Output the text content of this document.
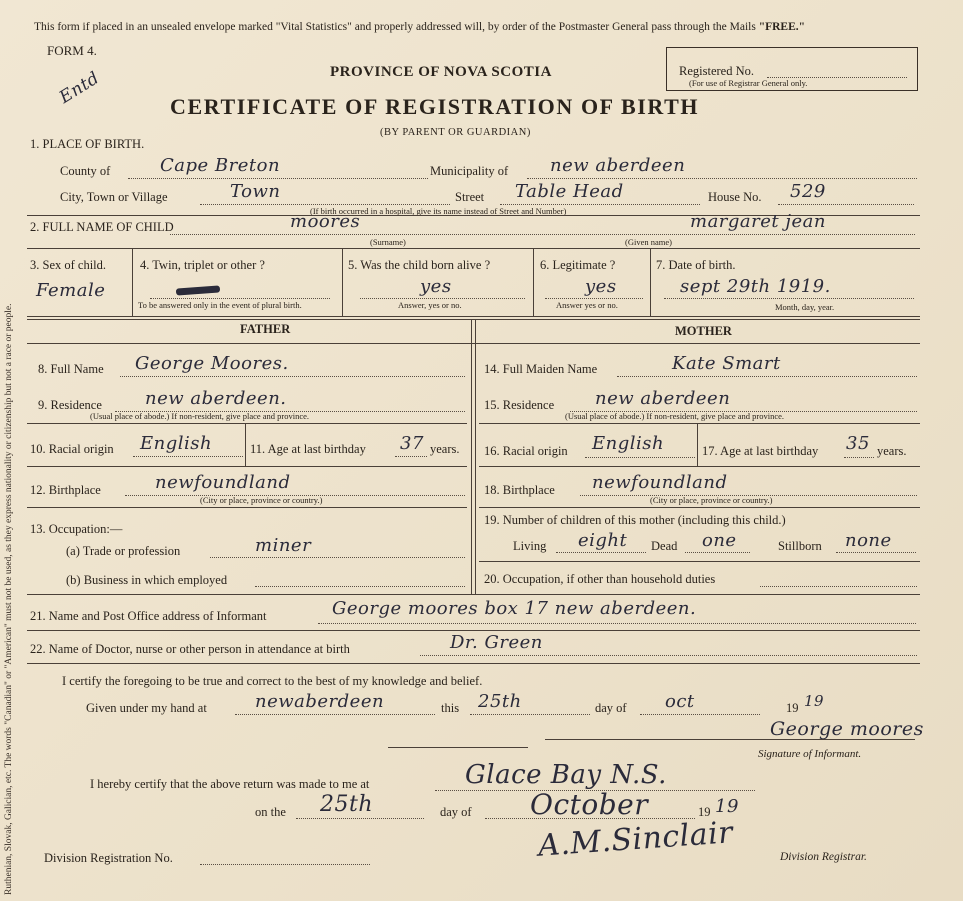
Ruthenian, Slovak, Galician, etc. The words "Canadian" or "American" must not be used, as they express nationality or citizenship but not a race or people.
This form if placed in an unsealed envelope marked "Vital Statistics" and properly addressed will, by order of the Postmaster General pass through the Mails "FREE."
FORM 4.
PROVINCE OF NOVA SCOTIA
CERTIFICATE OF REGISTRATION OF BIRTH
(BY PARENT OR GUARDIAN)
Entd	Registered No.
(For use of Registrar General only.
1. PLACE OF BIRTH.
County of	Cape Breton	Municipality of new aberdeen
City, Town or Village	Town	Street Table Head	House No. 529
(If birth occurred in a hospital, give its name instead of Street and Number)
2. FULL NAME OF CHILD	moores	margaret jean
(Surname)	(Given name)
3. Sex of child.
Female
4. Twin, triplet or other ?
To be answered only in the event of plural birth.
5. Was the child born alive ?
yes
Answer, yes or no.
6. Legitimate ?
yes
Answer yes or no.
7. Date of birth.
sept 29th 1919.
Month, day, year.
FATHER	MOTHER
8. Full Name George Moores.
9. Residence new aberdeen.
(Usual place of abode.) If non-resident, give place and province.
10. Racial origin English	11. Age at last birthday 37 years.
12. Birthplace	newfoundland
(City or place, province or country.)
13. Occupation:—
(a) Trade or profession	miner
(b) Business in which employed
14. Full Maiden Name	Kate Smart
15. Residence new aberdeen
(Usual place of abode.) If non-resident, give place and province.
16. Racial origin English	17. Age at last birthday 35 years.
18. Birthplace newfoundland
(City or place, province or country.)
19. Number of children of this mother (including this child.)
Living eight Dead one	Stillborn none
20. Occupation, if other than household duties
21. Name and Post Office address of Informant	George moores box 17 new aberdeen.
22. Name of Doctor, nurse or other person in attendance at birth	Dr. Green
I certify the foregoing to be true and correct to the best of my knowledge and belief.
Given under my hand at	newaberdeen	this 25th	day of oct	19 19
George moores
Signature of Informant.
I hereby certify that the above return was made to me at	Glace Bay N.S.
on the 25th	day of October	19 19
Division Registration No.	A.M.Sinclair	Division Registrar.
